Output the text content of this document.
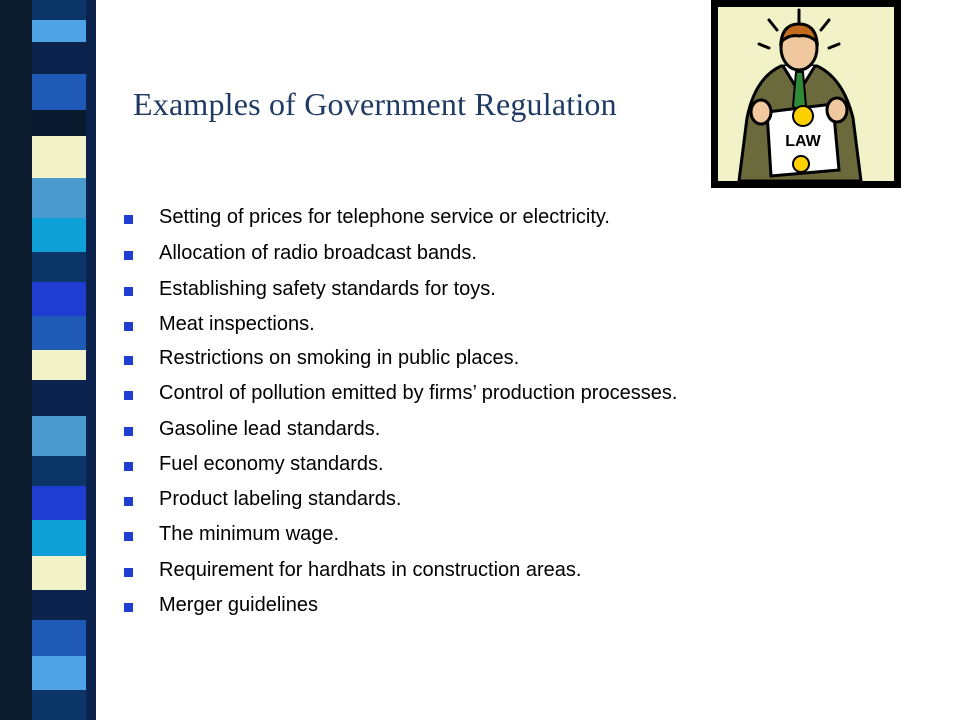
Examples of Government Regulation
LAW
Setting of prices for telephone service or electricity.
Allocation of radio broadcast bands.
Establishing safety standards for toys.
Meat inspections.
Restrictions on smoking in public places.
Control of pollution emitted by firms’ production processes.
Gasoline lead standards.
Fuel economy standards.
Product labeling standards.
The minimum wage.
Requirement for hardhats in construction areas.
Merger guidelines
